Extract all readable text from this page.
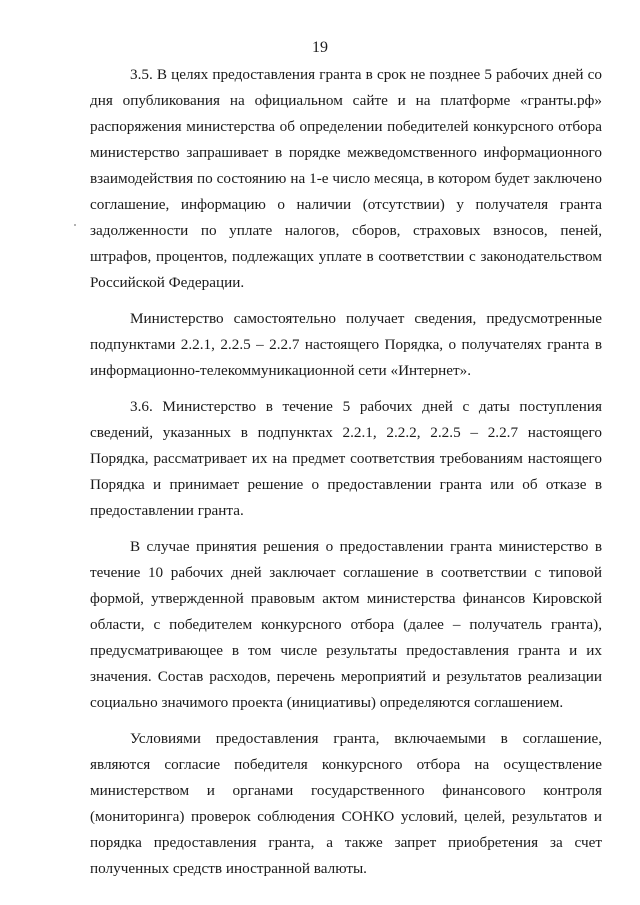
19

3.5. В целях предоставления гранта в срок не позднее 5 рабочих дней со дня опубликования на официальном сайте и на платформе «гранты.рф» распоряжения министерства об определении победителей конкурсного отбора министерство запрашивает в порядке межведомственного информационного взаимодействия по состоянию на 1-е число месяца, в котором будет заключено соглашение, информацию о наличии (отсутствии) у получателя гранта задолженности по уплате налогов, сборов, страховых взносов, пеней, штрафов, процентов, подлежащих уплате в соответствии с законодательством Российской Федерации.

Министерство самостоятельно получает сведения, предусмотренные подпунктами 2.2.1, 2.2.5 – 2.2.7 настоящего Порядка, о получателях гранта в информационно-телекоммуникационной сети «Интернет».

3.6. Министерство в течение 5 рабочих дней с даты поступления сведений, указанных в подпунктах 2.2.1, 2.2.2, 2.2.5 – 2.2.7 настоящего Порядка, рассматривает их на предмет соответствия требованиям настоящего Порядка и принимает решение о предоставлении гранта или об отказе в предоставлении гранта.

В случае принятия решения о предоставлении гранта министерство в течение 10 рабочих дней заключает соглашение в соответствии с типовой формой, утвержденной правовым актом министерства финансов Кировской области, с победителем конкурсного отбора (далее – получатель гранта), предусматривающее в том числе результаты предоставления гранта и их значения. Состав расходов, перечень мероприятий и результатов реализации социально значимого проекта (инициативы) определяются соглашением.

Условиями предоставления гранта, включаемыми в соглашение, являются согласие победителя конкурсного отбора на осуществление министерством и органами государственного финансового контроля (мониторинга) проверок соблюдения СОНКО условий, целей, результатов и порядка предоставления гранта, а также запрет приобретения за счет полученных средств иностранной валюты.
